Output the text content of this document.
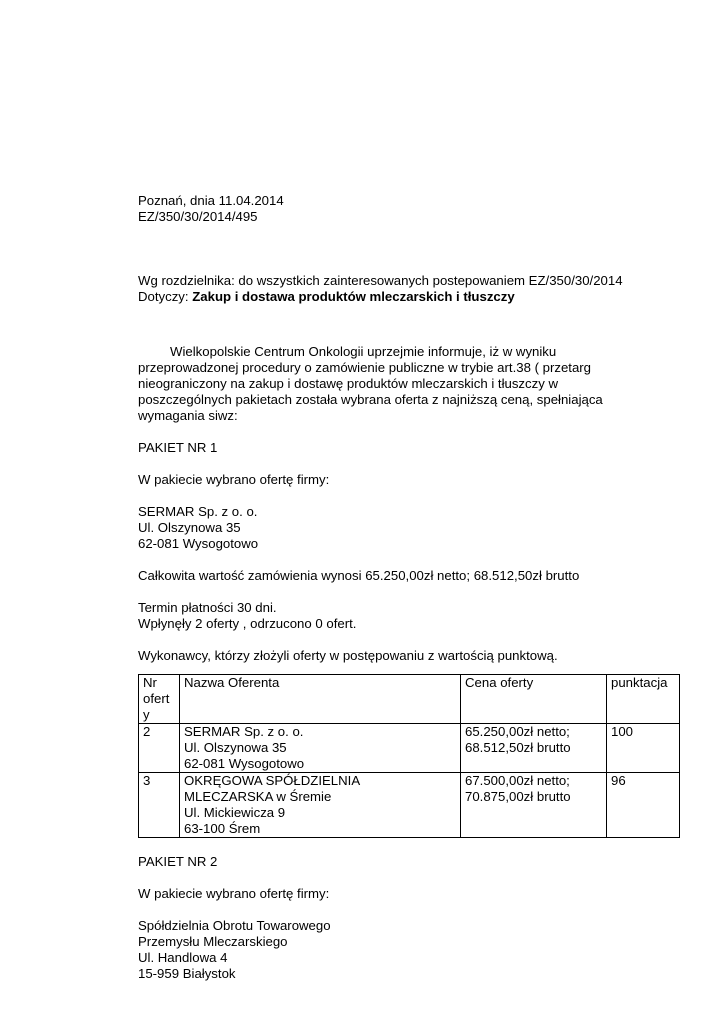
Poznań, dnia 11.04.2014
EZ/350/30/2014/495
Wg rozdzielnika: do wszystkich zainteresowanych postepowaniem EZ/350/30/2014
Dotyczy: Zakup i dostawa produktów mleczarskich i tłuszczy
Wielkopolskie Centrum Onkologii uprzejmie informuje, iż w wyniku
przeprowadzonej procedury o zamówienie publiczne w trybie art.38 ( przetarg
nieograniczony na zakup i dostawę produktów mleczarskich i tłuszczy w
poszczególnych pakietach została wybrana oferta z najniższą ceną, spełniająca
wymagania siwz:
PAKIET NR 1
W pakiecie wybrano ofertę firmy:
SERMAR Sp. z o. o.
Ul. Olszynowa 35
62-081 Wysogotowo
Całkowita wartość zamówienia wynosi 65.250,00zł netto; 68.512,50zł brutto
Termin płatności 30 dni.
Wpłynęły 2 oferty , odrzucono 0 ofert.
Wykonawcy, którzy złożyli oferty w postępowaniu z wartością punktową.
Nr oferty	Nazwa Oferenta	Cena oferty	punktacja
2	SERMAR Sp. z o. o.
Ul. Olszynowa 35
62-081 Wysogotowo	65.250,00zł netto;
68.512,50zł brutto	100
3	OKRĘGOWA SPÓŁDZIELNIA
MLECZARSKA w Śremie
Ul. Mickiewicza 9
63-100 Śrem	67.500,00zł netto;
70.875,00zł brutto	96
PAKIET NR 2
W pakiecie wybrano ofertę firmy:
Spółdzielnia Obrotu Towarowego
Przemysłu Mleczarskiego
Ul. Handlowa 4
15-959 Białystok
